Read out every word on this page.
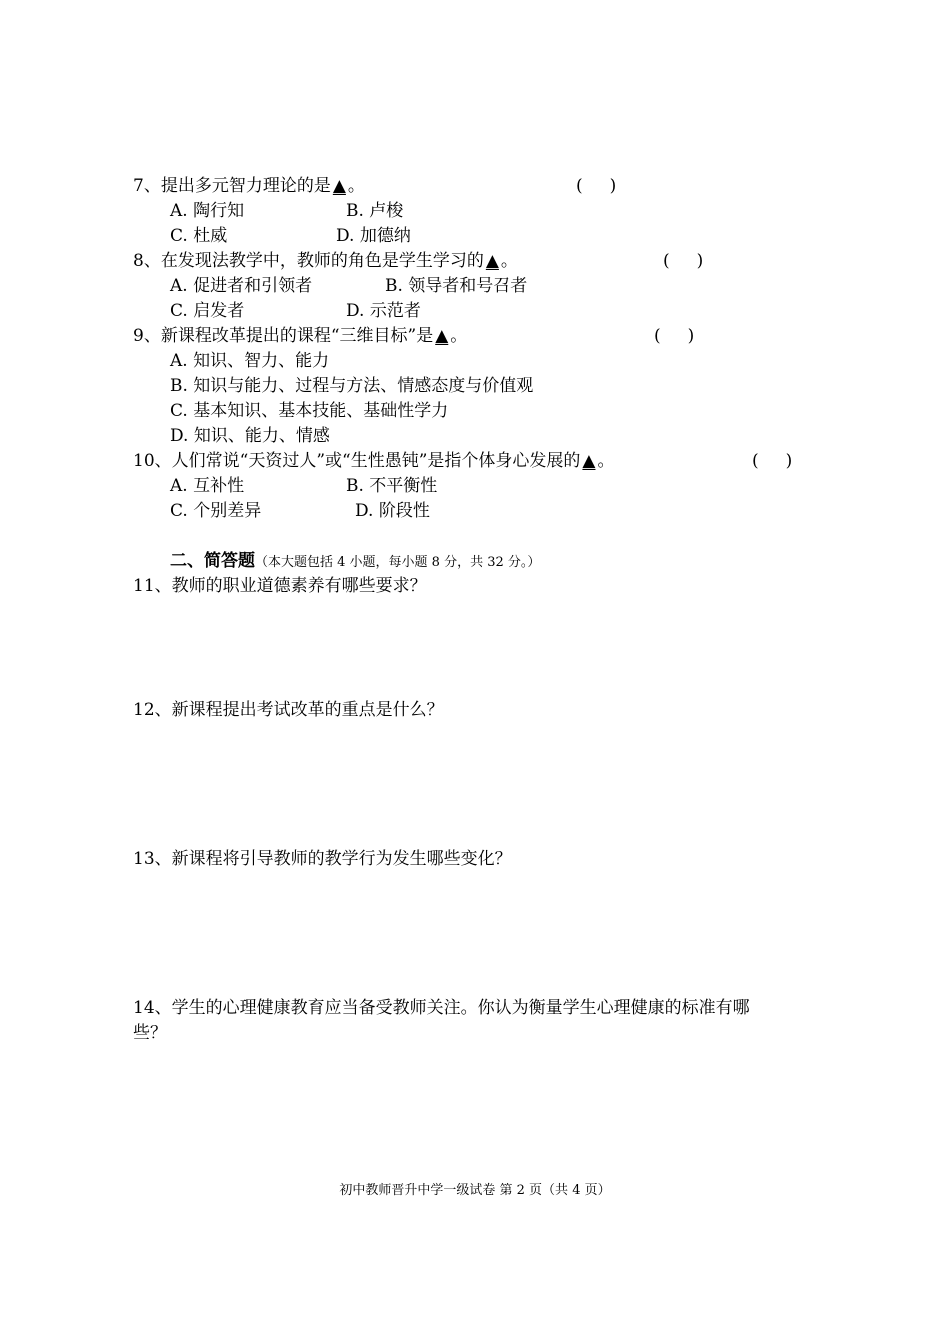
7、提出多元智力理论的是 ▲ 。	(     )
A. 陶行知	B. 卢梭
C. 杜威	D. 加德纳
8、在发现法教学中，教师的角色是学生学习的 ▲ 。	(     )
A. 促进者和引领者	B. 领导者和号召者
C. 启发者	D. 示范者
9、新课程改革提出的课程“三维目标”是 ▲ 。	(     )
A. 知识、智力、能力
B. 知识与能力、过程与方法、情感态度与价值观
C. 基本知识、基本技能、基础性学力
D. 知识、能力、情感
10、人们常说“天资过人”或“生性愚钝”是指个体身心发展的 ▲ 。	(     )
A. 互补性	B. 不平衡性
C. 个别差异	D. 阶段性
二、简答题（本大题包括 4 小题，每小题 8 分，共 32 分。）
11、教师的职业道德素养有哪些要求？
12、新课程提出考试改革的重点是什么？
13、新课程将引导教师的教学行为发生哪些变化？
14、学生的心理健康教育应当备受教师关注。你认为衡量学生心理健康的标准有哪
些？
初中教师晋升中学一级试卷 第 2 页（共 4 页）
